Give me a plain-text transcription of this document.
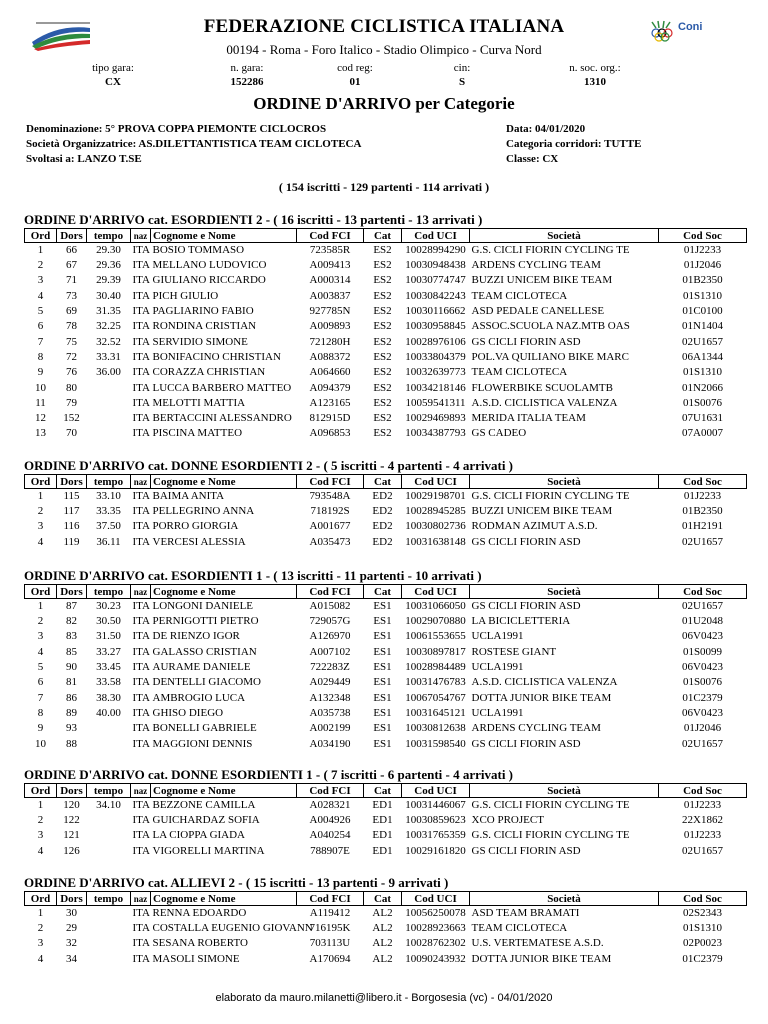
FEDERAZIONE CICLISTICA ITALIANA
00194 - Roma - Foro Italico - Stadio Olimpico - Curva Nord
Coni
tipo gara:
CX
n. gara:
152286
cod reg:
01
cin:
S
n. soc. org.:
1310
ORDINE D'ARRIVO per Categorie
Denominazione: 5° PROVA COPPA PIEMONTE CICLOCROS
Società Organizzatrice: AS.DILETTANTISTICA TEAM CICLOTECA
Svoltasi a: LANZO T.SE
Data: 04/01/2020
Categoria corridori: TUTTE
Classe: CX
( 154 iscritti - 129 partenti - 114 arrivati )
ORDINE D'ARRIVO cat. ESORDIENTI 2 - ( 16 iscritti - 13 partenti - 13 arrivati )
Ord	Dors	tempo	naz	Cognome e Nome	Cod FCI	Cat	Cod UCI	Società	Cod Soc
1	66	29.30	ITA	BOSIO TOMMASO	723585R	ES2	10028994290	G.S. CICLI FIORIN CYCLING TE	01J2233
2	67	29.36	ITA	MELLANO LUDOVICO	A009413	ES2	10030948438	ARDENS CYCLING TEAM	01J2046
3	71	29.39	ITA	GIULIANO RICCARDO	A000314	ES2	10030774747	BUZZI UNICEM BIKE TEAM	01B2350
4	73	30.40	ITA	PICH GIULIO	A003837	ES2	10030842243	TEAM CICLOTECA	01S1310
5	69	31.35	ITA	PAGLIARINO FABIO	927785N	ES2	10030116662	ASD PEDALE CANELLESE	01C0100
6	78	32.25	ITA	RONDINA CRISTIAN	A009893	ES2	10030958845	ASSOC.SCUOLA NAZ.MTB OAS	01N1404
7	75	32.52	ITA	SERVIDIO SIMONE	721280H	ES2	10028976106	GS CICLI FIORIN ASD	02U1657
8	72	33.31	ITA	BONIFACINO CHRISTIAN	A088372	ES2	10033804379	POL.VA QUILIANO BIKE MARC	06A1344
9	76	36.00	ITA	CORAZZA CHRISTIAN	A064660	ES2	10032639773	TEAM CICLOTECA	01S1310
10	80		ITA	LUCCA BARBERO MATTEO	A094379	ES2	10034218146	FLOWERBIKE SCUOLAMTB	01N2066
11	79		ITA	MELOTTI MATTIA	A123165	ES2	10059541311	A.S.D. CICLISTICA VALENZA	01S0076
12	152		ITA	BERTACCINI ALESSANDRO	812915D	ES2	10029469893	MERIDA ITALIA TEAM	07U1631
13	70		ITA	PISCINA MATTEO	A096853	ES2	10034387793	GS CADEO	07A0007
ORDINE D'ARRIVO cat. DONNE ESORDIENTI 2 - ( 5 iscritti - 4 partenti - 4 arrivati )
Ord	Dors	tempo	naz	Cognome e Nome	Cod FCI	Cat	Cod UCI	Società	Cod Soc
1	115	33.10	ITA	BAIMA ANITA	793548A	ED2	10029198701	G.S. CICLI FIORIN CYCLING TE	01J2233
2	117	33.35	ITA	PELLEGRINO ANNA	718192S	ED2	10028945285	BUZZI UNICEM BIKE TEAM	01B2350
3	116	37.50	ITA	PORRO GIORGIA	A001677	ED2	10030802736	RODMAN AZIMUT A.S.D.	01H2191
4	119	36.11	ITA	VERCESI ALESSIA	A035473	ED2	10031638148	GS CICLI FIORIN ASD	02U1657
ORDINE D'ARRIVO cat. ESORDIENTI 1 - ( 13 iscritti - 11 partenti - 10 arrivati )
Ord	Dors	tempo	naz	Cognome e Nome	Cod FCI	Cat	Cod UCI	Società	Cod Soc
1	87	30.23	ITA	LONGONI DANIELE	A015082	ES1	10031066050	GS CICLI FIORIN ASD	02U1657
2	82	30.50	ITA	PERNIGOTTI PIETRO	729057G	ES1	10029070880	LA BICICLETTERIA	01U2048
3	83	31.50	ITA	DE RIENZO IGOR	A126970	ES1	10061553655	UCLA1991	06V0423
4	85	33.27	ITA	GALASSO CRISTIAN	A007102	ES1	10030897817	ROSTESE GIANT	01S0099
5	90	33.45	ITA	AURAME DANIELE	722283Z	ES1	10028984489	UCLA1991	06V0423
6	81	33.58	ITA	DENTELLI GIACOMO	A029449	ES1	10031476783	A.S.D. CICLISTICA VALENZA	01S0076
7	86	38.30	ITA	AMBROGIO LUCA	A132348	ES1	10067054767	DOTTA JUNIOR BIKE TEAM	01C2379
8	89	40.00	ITA	GHISO DIEGO	A035738	ES1	10031645121	UCLA1991	06V0423
9	93		ITA	BONELLI GABRIELE	A002199	ES1	10030812638	ARDENS CYCLING TEAM	01J2046
10	88		ITA	MAGGIONI DENNIS	A034190	ES1	10031598540	GS CICLI FIORIN ASD	02U1657
ORDINE D'ARRIVO cat. DONNE ESORDIENTI 1 - ( 7 iscritti - 6 partenti - 4 arrivati )
Ord	Dors	tempo	naz	Cognome e Nome	Cod FCI	Cat	Cod UCI	Società	Cod Soc
1	120	34.10	ITA	BEZZONE CAMILLA	A028321	ED1	10031446067	G.S. CICLI FIORIN CYCLING TE	01J2233
2	122		ITA	GUICHARDAZ SOFIA	A004926	ED1	10030859623	XCO PROJECT	22X1862
3	121		ITA	LA CIOPPA GIADA	A040254	ED1	10031765359	G.S. CICLI FIORIN CYCLING TE	01J2233
4	126		ITA	VIGORELLI MARTINA	788907E	ED1	10029161820	GS CICLI FIORIN ASD	02U1657
ORDINE D'ARRIVO cat. ALLIEVI 2 - ( 15 iscritti - 13 partenti - 9 arrivati )
Ord	Dors	tempo	naz	Cognome e Nome	Cod FCI	Cat	Cod UCI	Società	Cod Soc
1	30		ITA	RENNA EDOARDO	A119412	AL2	10056250078	ASD TEAM BRAMATI	02S2343
2	29		ITA	COSTALLA EUGENIO GIOVANN	716195K	AL2	10028923663	TEAM CICLOTECA	01S1310
3	32		ITA	SESANA ROBERTO	703113U	AL2	10028762302	U.S. VERTEMATESE A.S.D.	02P0023
4	34		ITA	MASOLI SIMONE	A170694	AL2	10090243932	DOTTA JUNIOR BIKE TEAM	01C2379
elaborato da mauro.milanetti@libero.it - Borgosesia (vc) - 04/01/2020
